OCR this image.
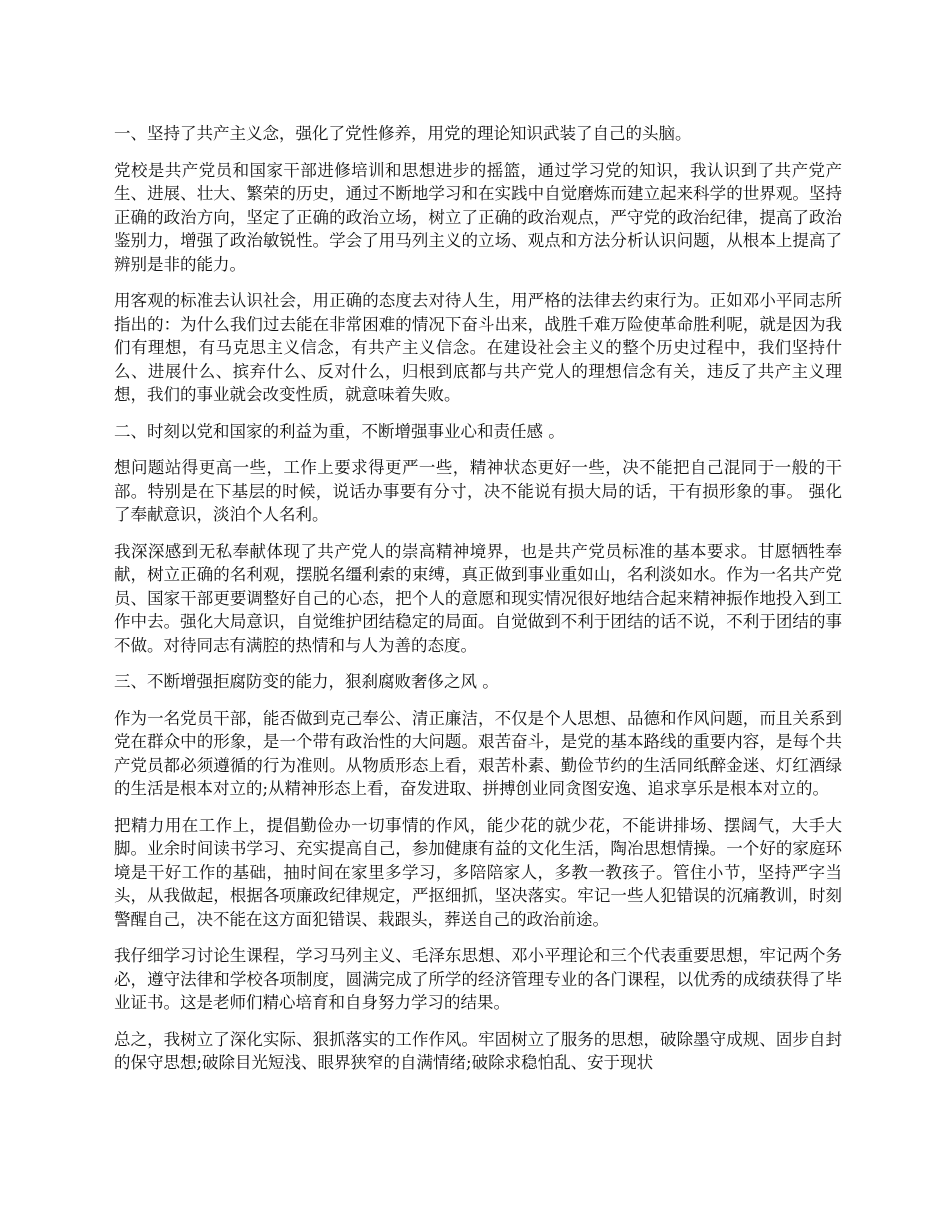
一、坚持了共产主义念，强化了党性修养，用党的理论知识武装了自己的头脑。

党校是共产党员和国家干部进修培训和思想进步的摇篮，通过学习党的知识，我认识到了共产党产生、进展、壮大、繁荣的历史，通过不断地学习和在实践中自觉磨炼而建立起来科学的世界观。坚持正确的政治方向，坚定了正确的政治立场，树立了正确的政治观点，严守党的政治纪律，提高了政治鉴别力，增强了政治敏锐性。学会了用马列主义的立场、观点和方法分析认识问题，从根本上提高了辨别是非的能力。

用客观的标准去认识社会，用正确的态度去对待人生，用严格的法律去约束行为。正如邓小平同志所指出的：为什么我们过去能在非常困难的情况下奋斗出来，战胜千难万险使革命胜利呢，就是因为我们有理想，有马克思主义信念，有共产主义信念。在建设社会主义的整个历史过程中，我们坚持什么、进展什么、摈弃什么、反对什么，归根到底都与共产党人的理想信念有关，违反了共产主义理想，我们的事业就会改变性质，就意味着失败。

二、时刻以党和国家的利益为重，不断增强事业心和责任感 。

想问题站得更高一些，工作上要求得更严一些，精神状态更好一些，决不能把自己混同于一般的干部。特别是在下基层的时候，说话办事要有分寸，决不能说有损大局的话，干有损形象的事。 强化了奉献意识，淡泊个人名利。

我深深感到无私奉献体现了共产党人的崇高精神境界，也是共产党员标准的基本要求。甘愿牺牲奉献，树立正确的名利观，摆脱名缰利索的束缚，真正做到事业重如山，名利淡如水。作为一名共产党员、国家干部更要调整好自己的心态，把个人的意愿和现实情况很好地结合起来精神振作地投入到工作中去。强化大局意识，自觉维护团结稳定的局面。自觉做到不利于团结的话不说，不利于团结的事不做。对待同志有满腔的热情和与人为善的态度。

三、不断增强拒腐防变的能力，狠刹腐败奢侈之风 。

作为一名党员干部，能否做到克己奉公、清正廉洁，不仅是个人思想、品德和作风问题，而且关系到党在群众中的形象，是一个带有政治性的大问题。艰苦奋斗，是党的基本路线的重要内容，是每个共产党员都必须遵循的行为准则。从物质形态上看，艰苦朴素、勤俭节约的生活同纸醉金迷、灯红酒绿的生活是根本对立的;从精神形态上看，奋发进取、拼搏创业同贪图安逸、追求享乐是根本对立的。

把精力用在工作上，提倡勤俭办一切事情的作风，能少花的就少花，不能讲排场、摆阔气，大手大脚。业余时间读书学习、充实提高自己，参加健康有益的文化生活，陶冶思想情操。一个好的家庭环境是干好工作的基础，抽时间在家里多学习，多陪陪家人，多教一教孩子。管住小节，坚持严字当头，从我做起，根据各项廉政纪律规定，严抠细抓，坚决落实。牢记一些人犯错误的沉痛教训，时刻警醒自己，决不能在这方面犯错误、栽跟头，葬送自己的政治前途。

我仔细学习讨论生课程，学习马列主义、毛泽东思想、邓小平理论和三个代表重要思想，牢记两个务必，遵守法律和学校各项制度，圆满完成了所学的经济管理专业的各门课程，以优秀的成绩获得了毕业证书。这是老师们精心培育和自身努力学习的结果。

总之，我树立了深化实际、狠抓落实的工作作风。牢固树立了服务的思想，破除墨守成规、固步自封的保守思想;破除目光短浅、眼界狭窄的自满情绪;破除求稳怕乱、安于现状
